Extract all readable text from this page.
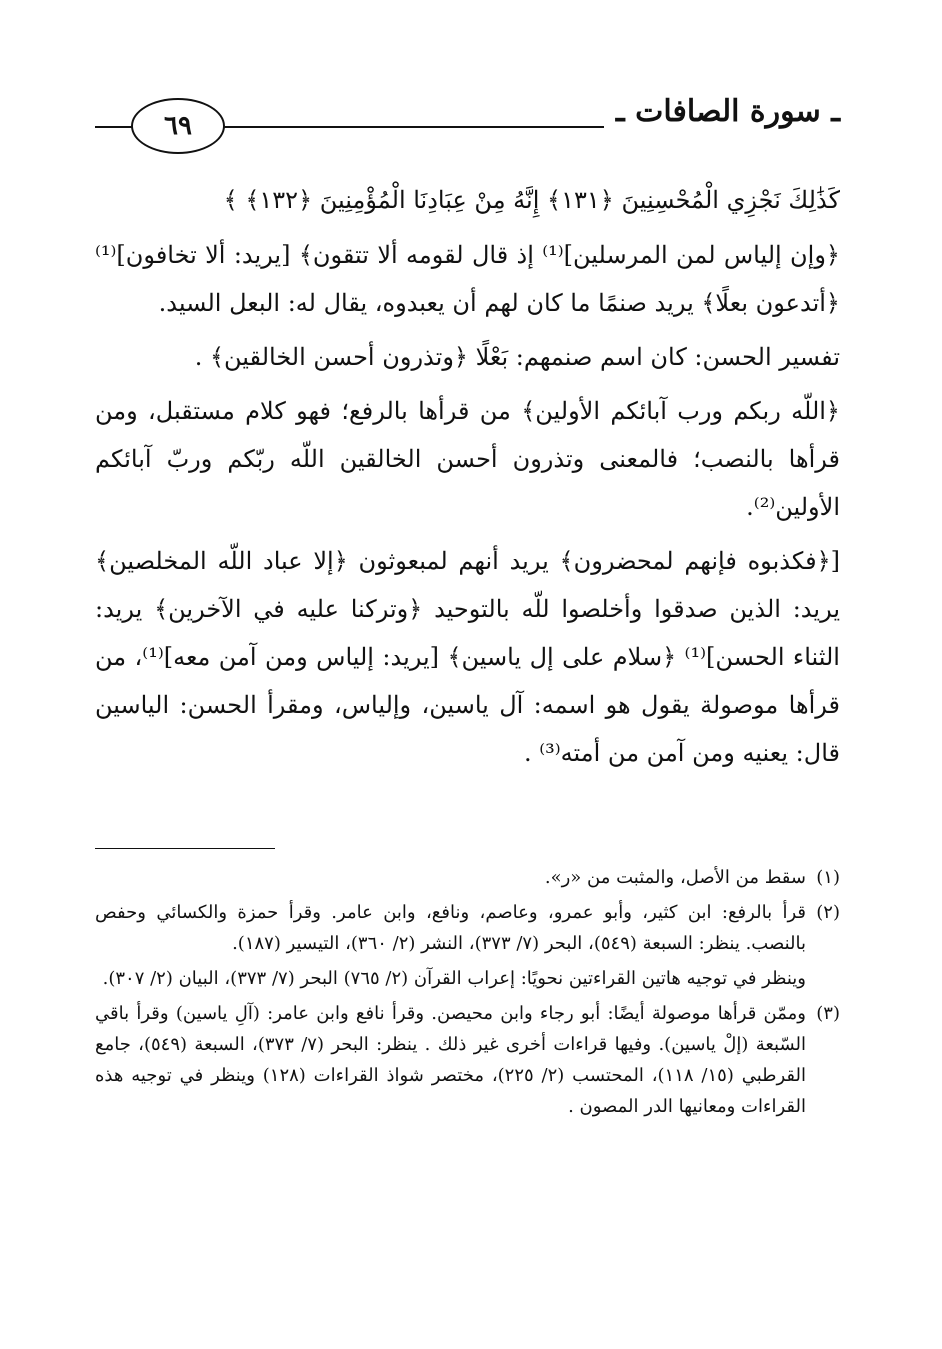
ـ سورة الصافات ـ
٦٩

كَذَٰلِكَ نَجْزِي الْمُحْسِنِينَ ﴿١٣١﴾ إِنَّهُ مِنْ عِبَادِنَا الْمُؤْمِنِينَ ﴿١٣٢﴾ ﴾

﴿وإن إلياس لمن المرسلين]⁽¹⁾ إذ قال لقومه ألا تتقون﴾ [يريد: ألا تخافون]⁽¹⁾ ﴿أتدعون بعلًا﴾ يريد صنمًا ما كان لهم أن يعبدوه، يقال له: البعل السيد.

تفسير الحسن: كان اسم صنمهم: بَعْلًا ﴿وتذرون أحسن الخالقين﴾ .

﴿اللّه ربكم ورب آبائكم الأولين﴾ من قرأها بالرفع؛ فهو كلام مستقبل، ومن قرأها بالنصب؛ فالمعنى وتذرون أحسن الخالقين اللّه ربّكم وربّ آبائكم الأولين⁽²⁾.

[﴿فكذبوه فإنهم لمحضرون﴾ يريد أنهم لمبعوثون ﴿إلا عباد اللّه المخلصين﴾ يريد: الذين صدقوا وأخلصوا للّه بالتوحيد ﴿وتركنا عليه في الآخرين﴾ يريد: الثناء الحسن]⁽¹⁾ ﴿سلام على إل ياسين﴾ [يريد: إلياس ومن آمن معه]⁽¹⁾، من قرأها موصولة يقول هو اسمه: آل ياسين، وإلياس، ومقرأ الحسن: الياسين قال: يعنيه ومن آمن من أمته⁽³⁾ .

(١)
سقط من الأصل، والمثبت من «ر».
(٢)
قرأ بالرفع: ابن كثير، وأبو عمرو، وعاصم، ونافع، وابن عامر. وقرأ حمزة والكسائي وحفص بالنصب. ينظر: السبعة (٥٤٩)، البحر (٧/ ٣٧٣)، النشر (٢/ ٣٦٠)، التيسير (١٨٧).

وينظر في توجيه هاتين القراءتين نحويًا: إعراب القرآن (٢/ ٧٦٥) البحر (٧/ ٣٧٣)، البيان (٢/ ٣٠٧).

(٣)
وممّن قرأها موصولة أيضًا: أبو رجاء وابن محيصن. وقرأ نافع وابن عامر: (آلِ ياسين) وقرأ باقي السّبعة (إلْ ياسين). وفيها قراءات أخرى غير ذلك . ينظر: البحر (٧/ ٣٧٣)، السبعة (٥٤٩)، جامع القرطبي (١٥/ ١١٨)، المحتسب (٢/ ٢٢٥)، مختصر شواذ القراءات (١٢٨) وينظر في توجيه هذه القراءات ومعانيها الدر المصون .
